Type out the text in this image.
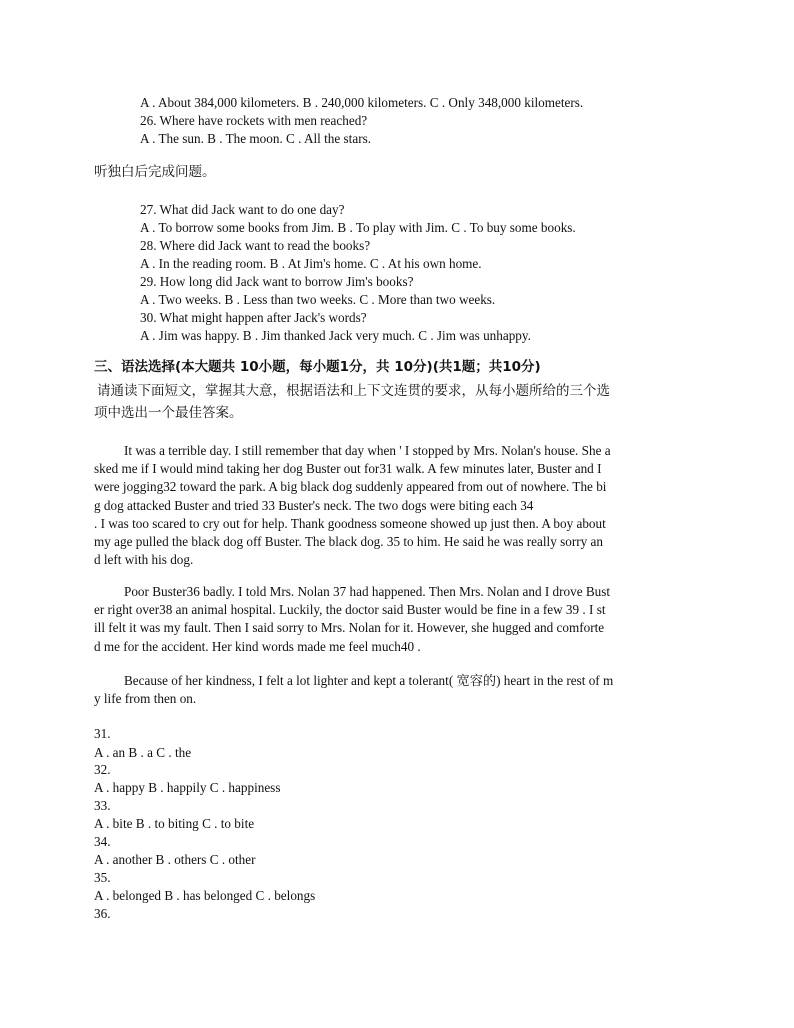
A . About 384,000 kilometers. B . 240,000 kilometers. C . Only 348,000 kilometers.
26. Where have rockets with men reached?
A . The sun. B . The moon. C . All the stars.
听独白后完成问题。
27. What did Jack want to do one day?
A . To borrow some books from Jim. B . To play with Jim. C . To buy some books.
28. Where did Jack want to read the books?
A . In the reading room. B . At Jim's home. C . At his own home.
29. How long did Jack want to borrow Jim's books?
A . Two weeks. B . Less than two weeks. C . More than two weeks.
30. What might happen after Jack's words?
A . Jim was happy. B . Jim thanked Jack very much. C . Jim was unhappy.
三、语法选择(本大题共 10小题，每小题1分，共 10分)(共1题；共10分)
请通读下面短文，掌握其大意，根据语法和上下文连贯的要求，从每小题所给的三个选
项中选出一个最佳答案。
It was a terrible day. I still remember that day when ' I stopped by Mrs. Nolan's house. She a
sked me if I would mind taking her dog Buster out for31 walk. A few minutes later, Buster and I
were jogging32 toward the park. A big black dog suddenly appeared from out of nowhere. The bi
g dog attacked Buster and tried 33 Buster's neck. The two dogs were biting each 34
. I was too scared to cry out for help. Thank goodness someone showed up just then. A boy about
my age pulled the black dog off Buster. The black dog. 35 to him. He said he was really sorry an
d left with his dog.
Poor Buster36 badly. I told Mrs. Nolan 37 had happened. Then Mrs. Nolan and I drove Bust
er right over38 an animal hospital. Luckily, the doctor said Buster would be fine in a few 39 . I st
ill felt it was my fault. Then I said sorry to Mrs. Nolan for it. However, she hugged and comforte
d me for the accident. Her kind words made me feel much40 .
Because of her kindness, I felt a lot lighter and kept a tolerant( 宽容的) heart in the rest of m
y life from then on.
31.
A . an B . a C . the
32.
A . happy B . happily C . happiness
33.
A . bite B . to biting C . to bite
34.
A . another B . others C . other
35.
A . belonged B . has belonged C . belongs
36.
